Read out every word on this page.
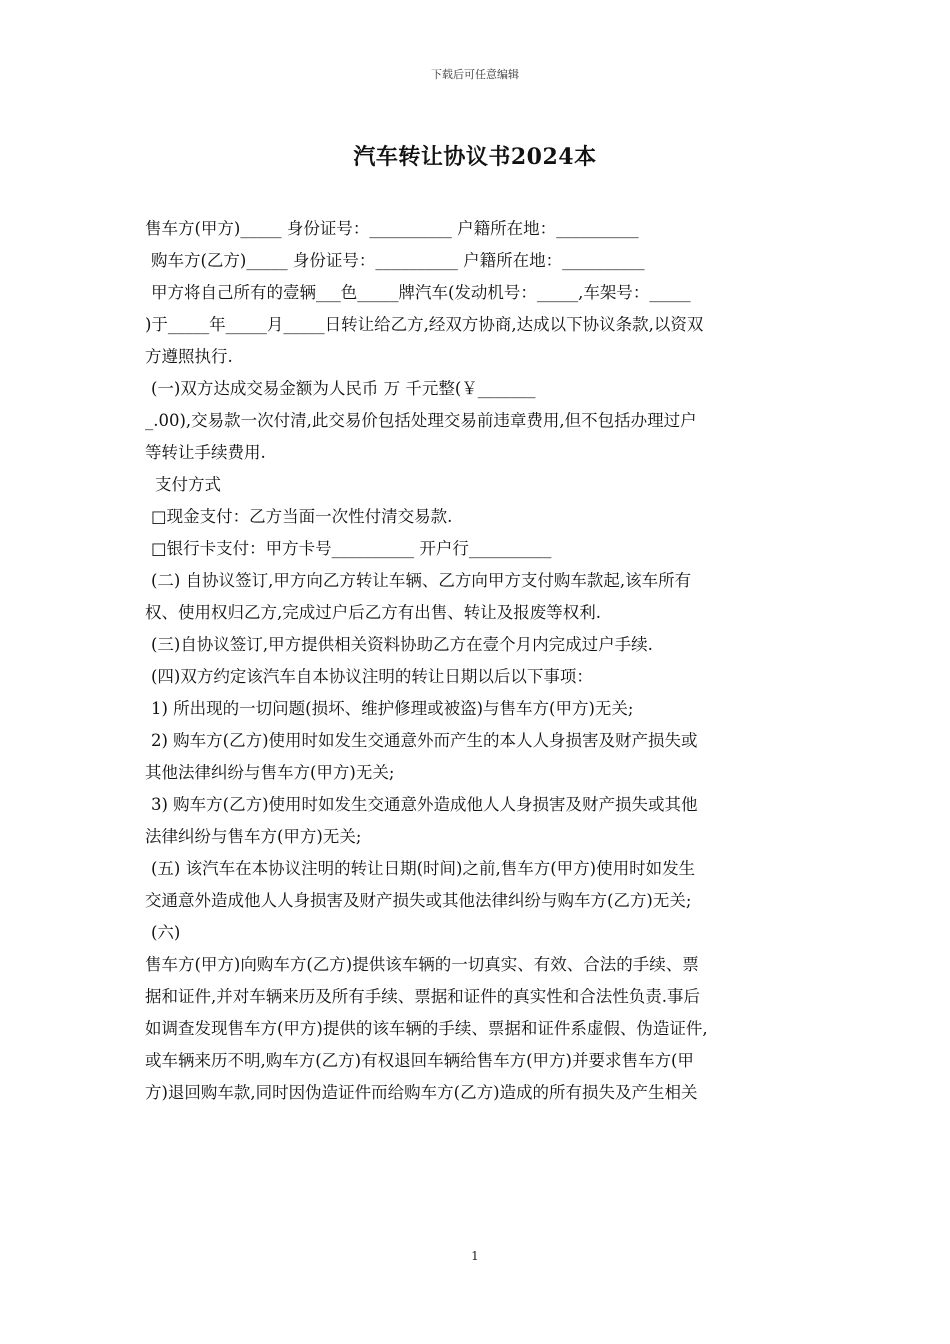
下载后可任意编辑
汽车转让协议书2024本
售车方(甲方)_____ 身份证号：__________ 户籍所在地：__________
购车方(乙方)_____ 身份证号：__________ 户籍所在地：__________
甲方将自己所有的壹辆___色_____牌汽车(发动机号：_____,车架号：_____
)于_____年_____月_____日转让给乙方,经双方协商,达成以下协议条款,以资双
方遵照执行.
(一)双方达成交易金额为人民币 万 千元整(￥_______
_.00),交易款一次付清,此交易价包括处理交易前违章费用,但不包括办理过户
等转让手续费用.
支付方式
□现金支付：乙方当面一次性付清交易款.
□银行卡支付：甲方卡号__________ 开户行__________
(二) 自协议签订,甲方向乙方转让车辆、乙方向甲方支付购车款起,该车所有
权、使用权归乙方,完成过户后乙方有出售、转让及报废等权利.
(三)自协议签订,甲方提供相关资料协助乙方在壹个月内完成过户手续.
(四)双方约定该汽车自本协议注明的转让日期以后以下事项：
1) 所出现的一切问题(损坏、维护修理或被盗)与售车方(甲方)无关;
2) 购车方(乙方)使用时如发生交通意外而产生的本人人身损害及财产损失或
其他法律纠纷与售车方(甲方)无关;
3) 购车方(乙方)使用时如发生交通意外造成他人人身损害及财产损失或其他
法律纠纷与售车方(甲方)无关;
(五) 该汽车在本协议注明的转让日期(时间)之前,售车方(甲方)使用时如发生
交通意外造成他人人身损害及财产损失或其他法律纠纷与购车方(乙方)无关;
(六)
售车方(甲方)向购车方(乙方)提供该车辆的一切真实、有效、合法的手续、票
据和证件,并对车辆来历及所有手续、票据和证件的真实性和合法性负责.事后
如调查发现售车方(甲方)提供的该车辆的手续、票据和证件系虚假、伪造证件,
或车辆来历不明,购车方(乙方)有权退回车辆给售车方(甲方)并要求售车方(甲
方)退回购车款,同时因伪造证件而给购车方(乙方)造成的所有损失及产生相关
1
